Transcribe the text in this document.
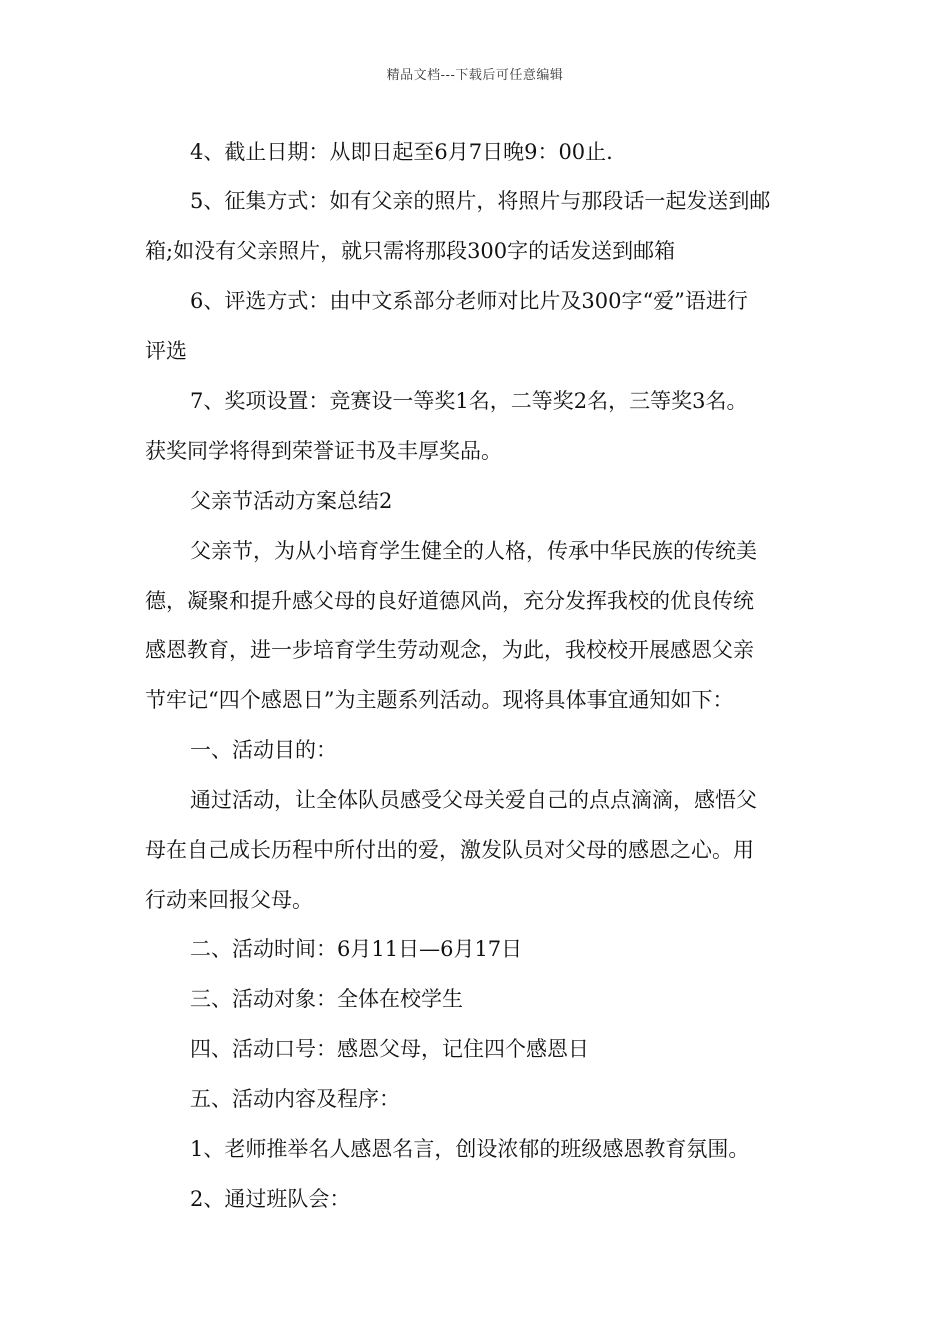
精品文档---下载后可任意编辑
4、截止日期：从即日起至6月7日晚9：00止.
5、征集方式：如有父亲的照片，将照片与那段话一起发送到邮
箱;如没有父亲照片，就只需将那段300字的话发送到邮箱
6、评选方式：由中文系部分老师对比片及300字“爱”语进行
评选
7、奖项设置：竞赛设一等奖1名，二等奖2名，三等奖3名。
获奖同学将得到荣誉证书及丰厚奖品。
父亲节活动方案总结2
父亲节，为从小培育学生健全的人格，传承中华民族的传统美
德，凝聚和提升感父母的良好道德风尚，充分发挥我校的优良传统
感恩教育，进一步培育学生劳动观念，为此，我校校开展感恩父亲
节牢记“四个感恩日”为主题系列活动。现将具体事宜通知如下：
一、活动目的：
通过活动，让全体队员感受父母关爱自己的点点滴滴，感悟父
母在自己成长历程中所付出的爱，激发队员对父母的感恩之心。用
行动来回报父母。
二、活动时间：6月11日—6月17日
三、活动对象：全体在校学生
四、活动口号：感恩父母，记住四个感恩日
五、活动内容及程序：
1、老师推举名人感恩名言，创设浓郁的班级感恩教育氛围。
2、通过班队会：
